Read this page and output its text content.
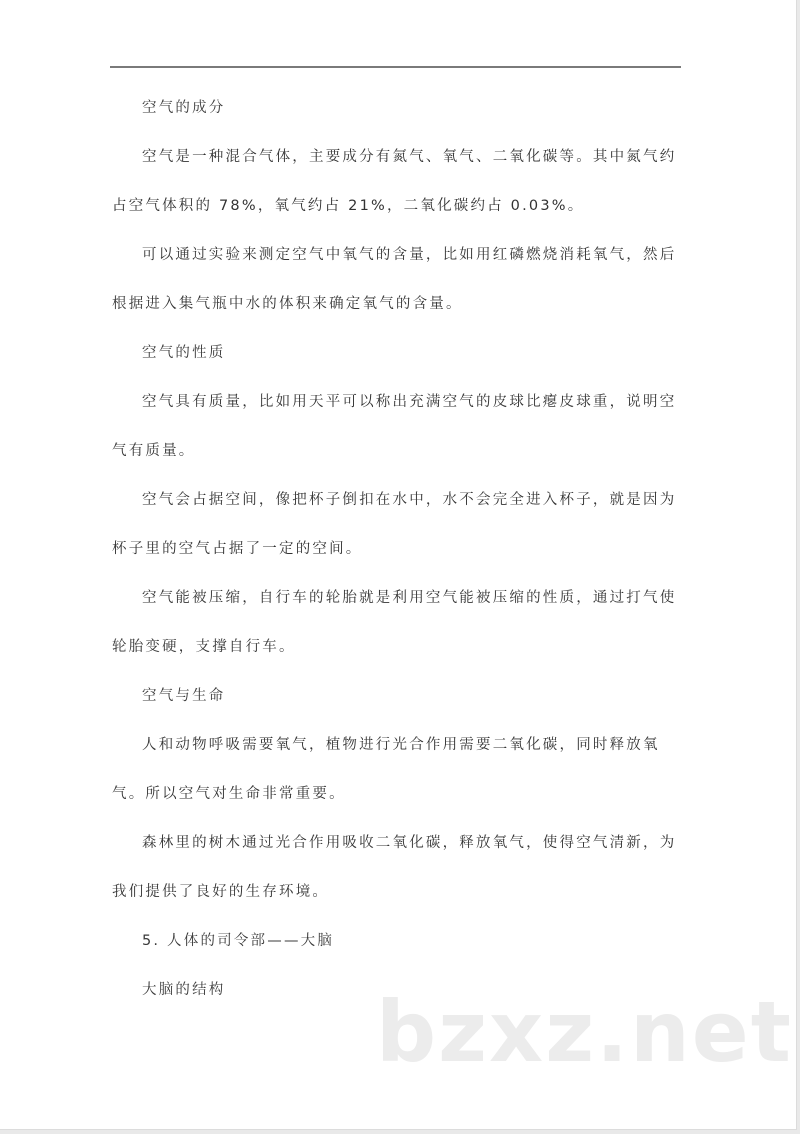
空气的成分

空气是一种混合气体，主要成分有氮气、氧气、二氧化碳等。其中氮气约占空气体积的 78%，氧气约占 21%，二氧化碳约占 0.03%。

可以通过实验来测定空气中氧气的含量，比如用红磷燃烧消耗氧气，然后根据进入集气瓶中水的体积来确定氧气的含量。

空气的性质

空气具有质量，比如用天平可以称出充满空气的皮球比瘪皮球重，说明空气有质量。

空气会占据空间，像把杯子倒扣在水中，水不会完全进入杯子，就是因为杯子里的空气占据了一定的空间。

空气能被压缩，自行车的轮胎就是利用空气能被压缩的性质，通过打气使轮胎变硬，支撑自行车。

空气与生命

人和动物呼吸需要氧气，植物进行光合作用需要二氧化碳，同时释放氧气。所以空气对生命非常重要。

森林里的树木通过光合作用吸收二氧化碳，释放氧气，使得空气清新，为我们提供了良好的生存环境。

5. 人体的司令部——大脑

大脑的结构	bzxz.net
